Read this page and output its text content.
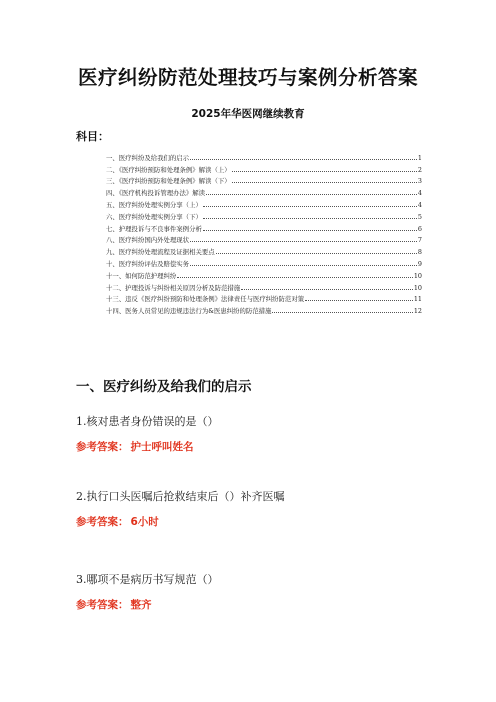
医疗纠纷防范处理技巧与案例分析答案
2025年华医网继续教育
科目：
一、医疗纠纷及给我们的启示	1
二、《医疗纠纷预防和处理条例》解读（上）	2
三、《医疗纠纷预防和处理条例》解读（下）	3
四、《医疗机构投诉管理办法》解读	4
五、医疗纠纷处理实例分享（上）	4
六、医疗纠纷处理实例分享（下）	5
七、护理投诉与不良事件案例分析	6
八、医疗纠纷国内外处理现状	7
九、医疗纠纷处理流程及证据相关要点	8
十、医疗纠纷评估及赔偿实务	9
十一、如何防范护理纠纷	10
十二、护理投诉与纠纷相关原因分析及防范措施	10
十三、违反《医疗纠纷预防和处理条例》法律责任与医疗纠纷防范对策	11
十四、医务人员常见的违规违法行为&医患纠纷的防范措施	12
一、医疗纠纷及给我们的启示
1.核对患者身份错误的是（）
参考答案： 护士呼叫姓名
2.执行口头医嘱后抢救结束后（）补齐医嘱
参考答案： 6小时
3.哪项不是病历书写规范（）
参考答案： 整齐
